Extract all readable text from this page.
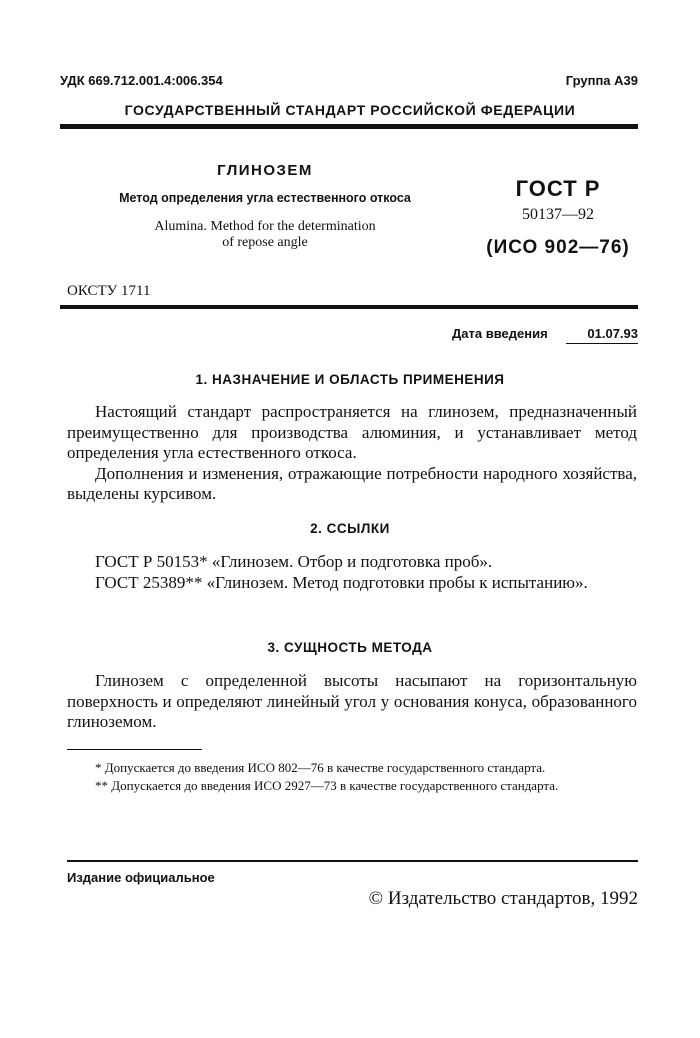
УДК 669.712.001.4:006.354	Группа А39
ГОСУДАРСТВЕННЫЙ СТАНДАРТ РОССИЙСКОЙ ФЕДЕРАЦИИ
ГЛИНОЗЕМ
Метод определения угла естественного откоса
Alumina. Method for the determination
of repose angle
ГОСТ Р
50137—92
(ИСО 902—76)
ОКСТУ 1711
Дата введения	01.07.93
1. НАЗНАЧЕНИЕ И ОБЛАСТЬ ПРИМЕНЕНИЯ

Настоящий стандарт распространяется на глинозем, предназначенный преимущественно для производства алюминия, и устанавливает метод определения угла естественного откоса.

Дополнения и изменения, отражающие потребности народного хозяйства, выделены курсивом.

2. ССЫЛКИ

ГОСТ Р 50153* «Глинозем. Отбор и подготовка проб».

ГОСТ 25389** «Глинозем. Метод подготовки пробы к испытанию».

3. СУЩНОСТЬ МЕТОДА

Глинозем с определенной высоты насыпают на горизонтальную поверхность и определяют линейный угол у основания конуса, образованного глиноземом.

* Допускается до введения ИСО 802—76 в качестве государственного стандарта.

** Допускается до введения ИСО 2927—73 в качестве государственного стандарта.

Издание официальное
© Издательство стандартов, 1992
